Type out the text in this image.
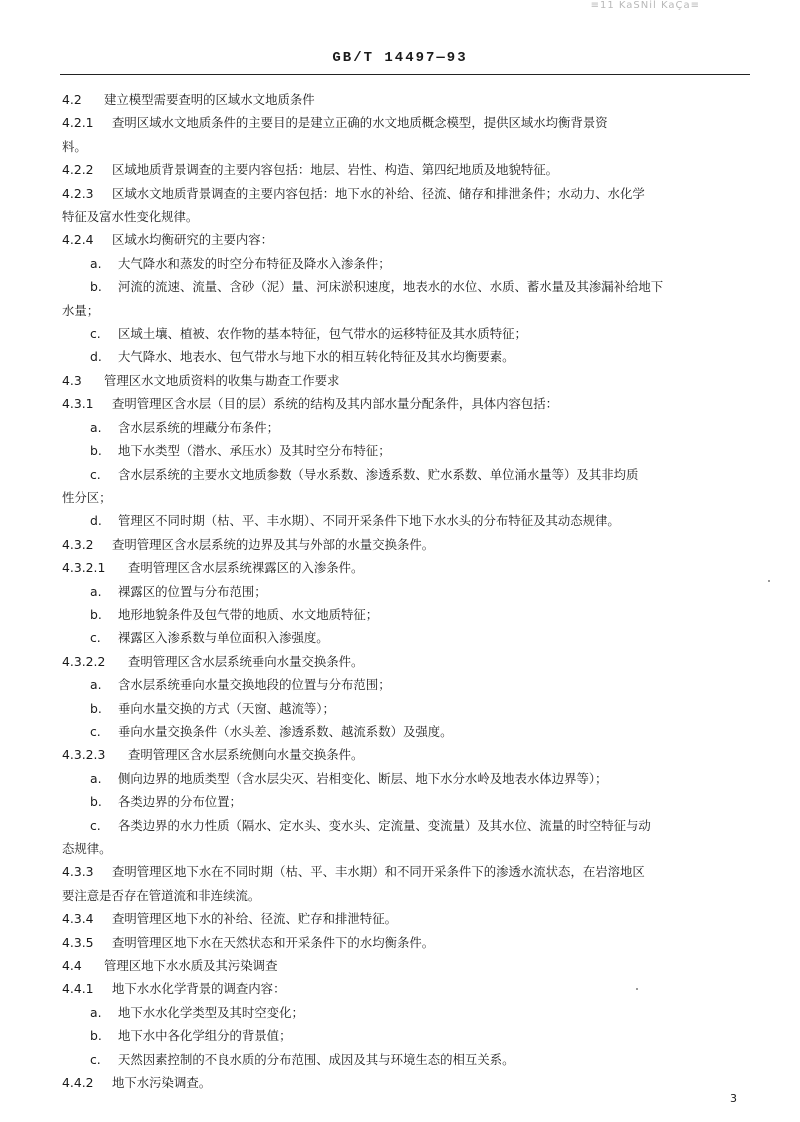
≡11 KaSNil KaÇa≡
GB/T 14497—93
4.2 建立模型需要查明的区域水文地质条件
4.2.1 查明区域水文地质条件的主要目的是建立正确的水文地质概念模型，提供区域水均衡背景资
料。
4.2.2 区域地质背景调查的主要内容包括：地层、岩性、构造、第四纪地质及地貌特征。
4.2.3 区域水文地质背景调查的主要内容包括：地下水的补给、径流、储存和排泄条件；水动力、水化学
特征及富水性变化规律。
4.2.4 区域水均衡研究的主要内容：
a. 大气降水和蒸发的时空分布特征及降水入渗条件；
b. 河流的流速、流量、含砂（泥）量、河床淤积速度，地表水的水位、水质、蓄水量及其渗漏补给地下
水量；
c. 区域土壤、植被、农作物的基本特征，包气带水的运移特征及其水质特征；
d. 大气降水、地表水、包气带水与地下水的相互转化特征及其水均衡要素。
4.3 管理区水文地质资料的收集与勘查工作要求
4.3.1 查明管理区含水层（目的层）系统的结构及其内部水量分配条件，具体内容包括：
a. 含水层系统的埋藏分布条件；
b. 地下水类型（潜水、承压水）及其时空分布特征；
c. 含水层系统的主要水文地质参数（导水系数、渗透系数、贮水系数、单位涌水量等）及其非均质
性分区；
d. 管理区不同时期（枯、平、丰水期）、不同开采条件下地下水水头的分布特征及其动态规律。
4.3.2 查明管理区含水层系统的边界及其与外部的水量交换条件。
4.3.2.1 查明管理区含水层系统裸露区的入渗条件。
a. 裸露区的位置与分布范围；
b. 地形地貌条件及包气带的地质、水文地质特征；
c. 裸露区入渗系数与单位面积入渗强度。
4.3.2.2 查明管理区含水层系统垂向水量交换条件。
a. 含水层系统垂向水量交换地段的位置与分布范围；
b. 垂向水量交换的方式（天窗、越流等）；
c. 垂向水量交换条件（水头差、渗透系数、越流系数）及强度。
4.3.2.3 查明管理区含水层系统侧向水量交换条件。
a. 侧向边界的地质类型（含水层尖灭、岩相变化、断层、地下水分水岭及地表水体边界等）；
b. 各类边界的分布位置；
c. 各类边界的水力性质（隔水、定水头、变水头、定流量、变流量）及其水位、流量的时空特征与动
态规律。
4.3.3 查明管理区地下水在不同时期（枯、平、丰水期）和不同开采条件下的渗透水流状态，在岩溶地区
要注意是否存在管道流和非连续流。
4.3.4 查明管理区地下水的补给、径流、贮存和排泄特征。
4.3.5 查明管理区地下水在天然状态和开采条件下的水均衡条件。
4.4 管理区地下水水质及其污染调查
4.4.1 地下水水化学背景的调查内容：
a. 地下水水化学类型及其时空变化；
b. 地下水中各化学组分的背景值；
c. 天然因素控制的不良水质的分布范围、成因及其与环境生态的相互关系。
4.4.2 地下水污染调查。
3
